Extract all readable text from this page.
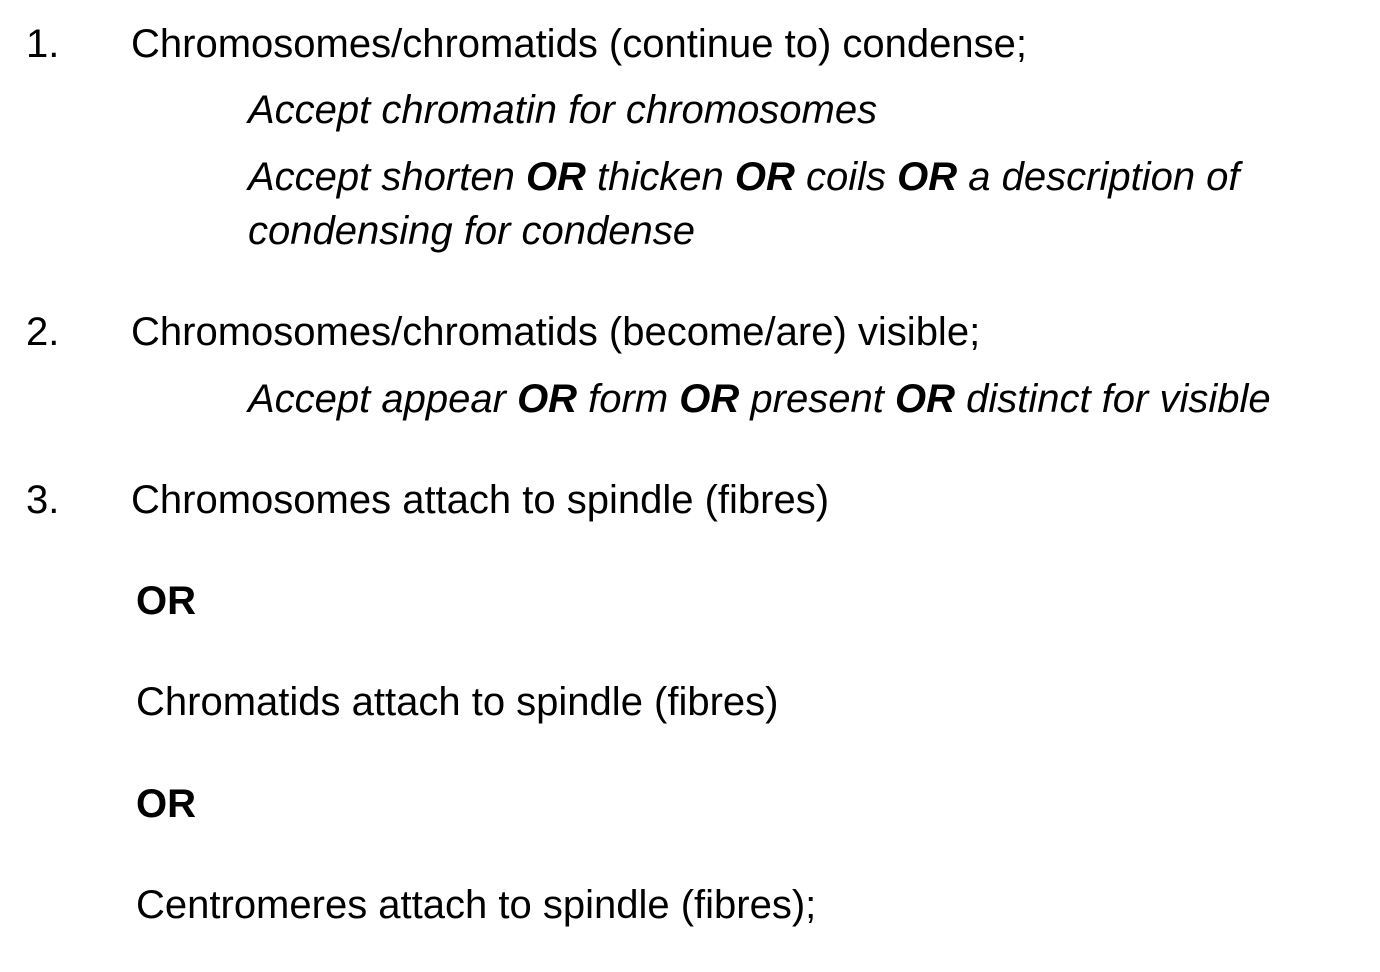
1. Chromosomes/chromatids (continue to) condense;
Accept chromatin for chromosomes
Accept shorten OR thicken OR coils OR a description of
condensing for condense
2. Chromosomes/chromatids (become/are) visible;
Accept appear OR form OR present OR distinct for visible
3. Chromosomes attach to spindle (fibres)
OR
Chromatids attach to spindle (fibres)
OR
Centromeres attach to spindle (fibres);
